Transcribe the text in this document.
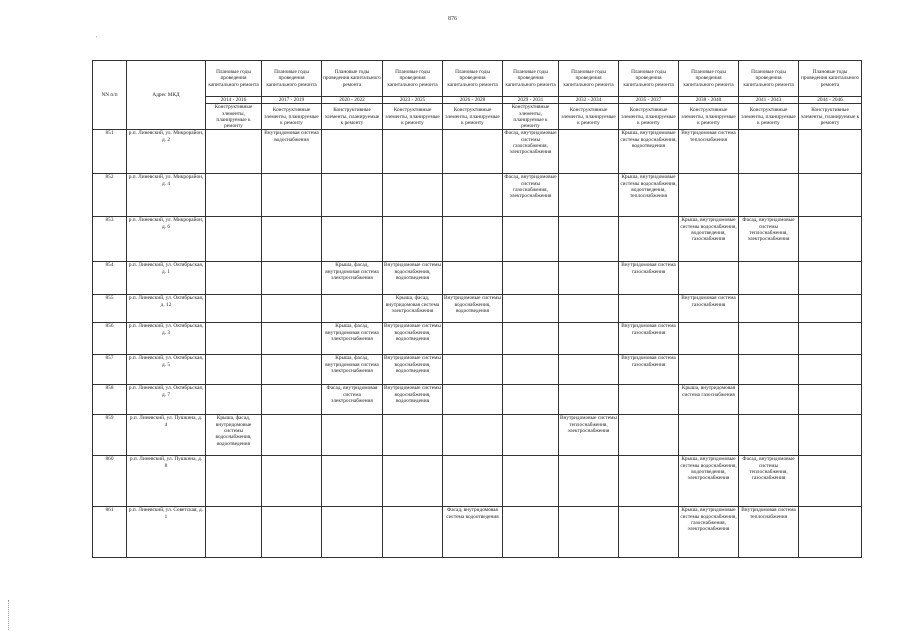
876
'
NN п/п	Адрес МКД	Плановые годы проведения капитального ремонта	Плановые годы проведения капитального ремонта	Плановые годы проведения капитального ремонта	Плановые годы проведения капитального ремонта	Плановые годы проведения капитального ремонта	Плановые годы проведения капитального ремонта	Плановые годы проведения капитального ремонта	Плановые годы проведения капитального ремонта	Плановые годы проведения капитального ремонта	Плановые годы проведения капитального ремонта	Плановые годы проведения капитального ремонта
		2014 - 2016	2017 - 2019	2020 - 2022	2023 - 2025	2026 - 2028	2029 - 2031	2032 - 2034	2035 - 2037	2038 - 2040	2041 - 2043	2044 - 2046
		Конструктивные элементы, планируемые к ремонту	Конструктивные элементы, планируемые к ремонту	Конструктивные элементы, планируемые к ремонту	Конструктивные элементы, планируемые к ремонту	Конструктивные элементы, планируемые к ремонту	Конструктивные элементы, планируемые к ремонту	Конструктивные элементы, планируемые к ремонту	Конструктивные элементы, планируемые к ремонту	Конструктивные элементы, планируемые к ремонту	Конструктивные элементы, планируемые к ремонту	Конструктивные элементы, планируемые к ремонту
851	р.п. Линевский, ул. Микрорайон, д. 2		Внутридомовая система водоснабжения				Фасад, внутридомовые системы газоснабжения, электроснабжения		Крыша, внутридомовые системы водоснабжения, водоотведения	Внутридомовая система теплоснабжения		
852	р.п. Линевский, ул. Микрорайон, д. 4						Фасад, внутридомовые системы газоснабжения, электроснабжения		Крыша, внутридомовые системы водоснабжения, водоотведения, теплоснабжения			
853	р.п. Линевский, ул. Микрорайон, д. 6									Крыша, внутридомовые системы водоснабжения, водоотведения, газоснабжения	Фасад, внутридомовые системы теплоснабжения, электроснабжения	
854	р.п. Линевский, ул. Октябрьская, д. 1			Крыша, фасад, внутридомовая система электроснабжения	Внутридомовые системы водоснабжения, водоотведения				Внутридомовая система газоснабжения			
855	р.п. Линевский, ул. Октябрьская, д. 12				Крыша, фасад, внутридомовая система электроснабжения	Внутридомовые системы водоснабжения, водоотведения				Внутридомовая система газоснабжения		
856	р.п. Линевский, ул. Октябрьская, д. 3			Крыша, фасад, внутридомовая система электроснабжения	Внутридомовые системы водоснабжения, водоотведения				Внутридомовая система газоснабжения			
857	р.п. Линевский, ул. Октябрьская, д. 5			Крыша, фасад, внутридомовая система электроснабжения	Внутридомовые системы водоснабжения, водоотведения				Внутридомовая система газоснабжения			
858	р.п. Линевский, ул. Октябрьская, д. 7			Фасад, внутридомовая система электроснабжения	Внутридомовые системы водоснабжения, водоотведения					Крыша, внутридомовая система газоснабжения		
859	р.п. Линевский, ул. Пушкина, д. 4	Крыша, фасад, внутридомовые системы водоснабжения, водоотведения						Внутридомовые системы теплоснабжения, электроснабжения				
860	р.п. Линевский, ул. Пушкина, д. 8									Крыша, внутридомовые системы водоснабжения, водоотведения, электроснабжения	Фасад, внутридомовые системы теплоснабжения, газоснабжения	
861	р.п. Линевский, ул. Советская, д. 1					Фасад, внутридомовая система водоотведения				Крыша, внутридомовые системы водоснабжения, газоснабжения, электроснабжения	Внутридомовая система теплоснабжения	
